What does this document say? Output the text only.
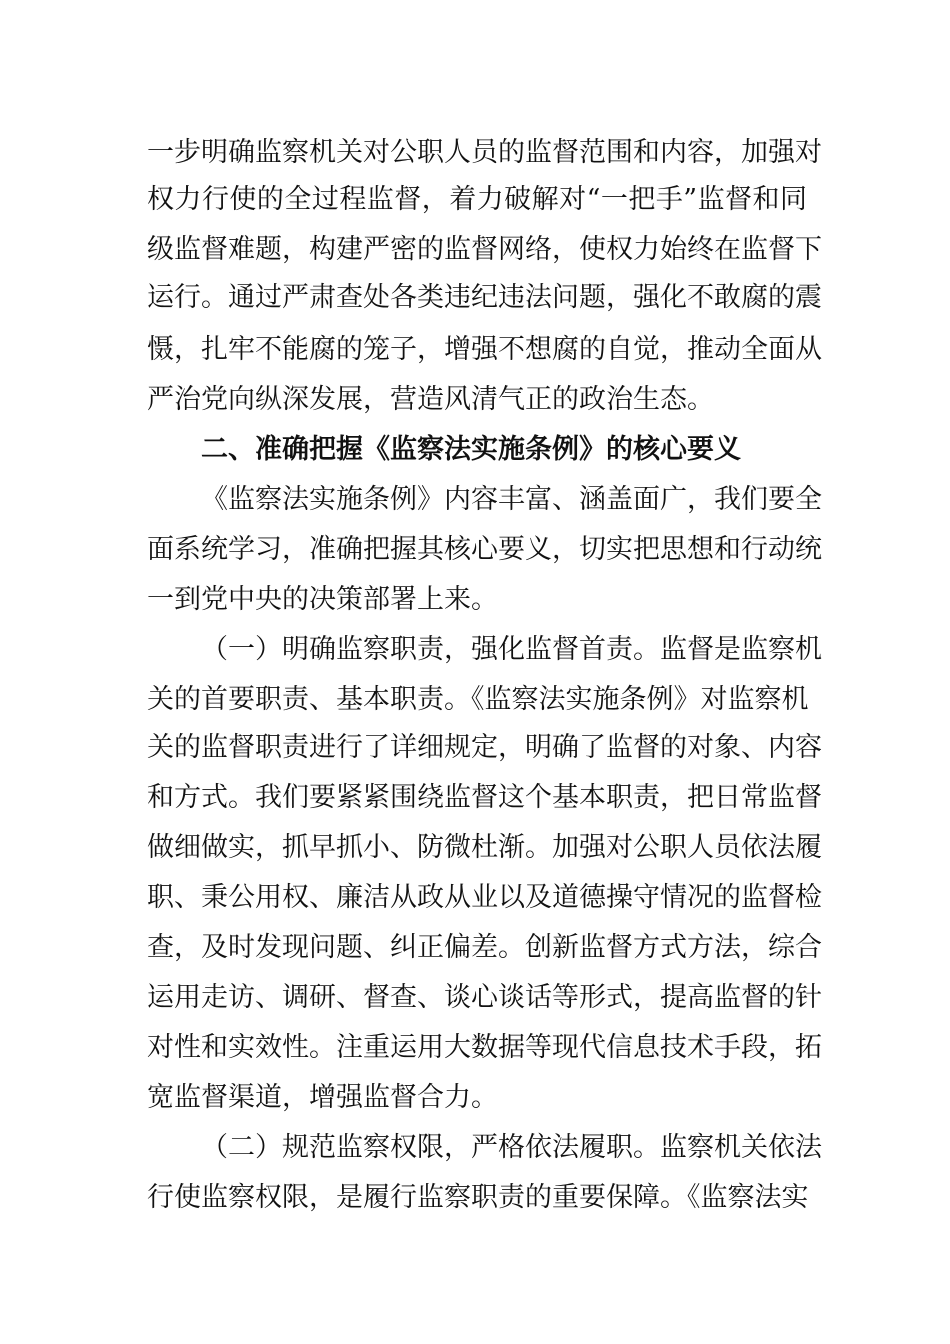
一步明确监察机关对公职人员的监督范围和内容，加强对
权力行使的全过程监督，着力破解对“一把手”监督和同
级监督难题，构建严密的监督网络，使权力始终在监督下
运行。通过严肃查处各类违纪违法问题，强化不敢腐的震
慑，扎牢不能腐的笼子，增强不想腐的自觉，推动全面从
严治党向纵深发展，营造风清气正的政治生态。
二、准确把握《监察法实施条例》的核心要义
《监察法实施条例》内容丰富、涵盖面广，我们要全
面系统学习，准确把握其核心要义，切实把思想和行动统
一到党中央的决策部署上来。
（一）明确监察职责，强化监督首责。监督是监察机
关的首要职责、基本职责。《监察法实施条例》对监察机
关的监督职责进行了详细规定，明确了监督的对象、内容
和方式。我们要紧紧围绕监督这个基本职责，把日常监督
做细做实，抓早抓小、防微杜渐。加强对公职人员依法履
职、秉公用权、廉洁从政从业以及道德操守情况的监督检
查，及时发现问题、纠正偏差。创新监督方式方法，综合
运用走访、调研、督查、谈心谈话等形式，提高监督的针
对性和实效性。注重运用大数据等现代信息技术手段，拓
宽监督渠道，增强监督合力。
（二）规范监察权限，严格依法履职。监察机关依法
行使监察权限，是履行监察职责的重要保障。《监察法实
